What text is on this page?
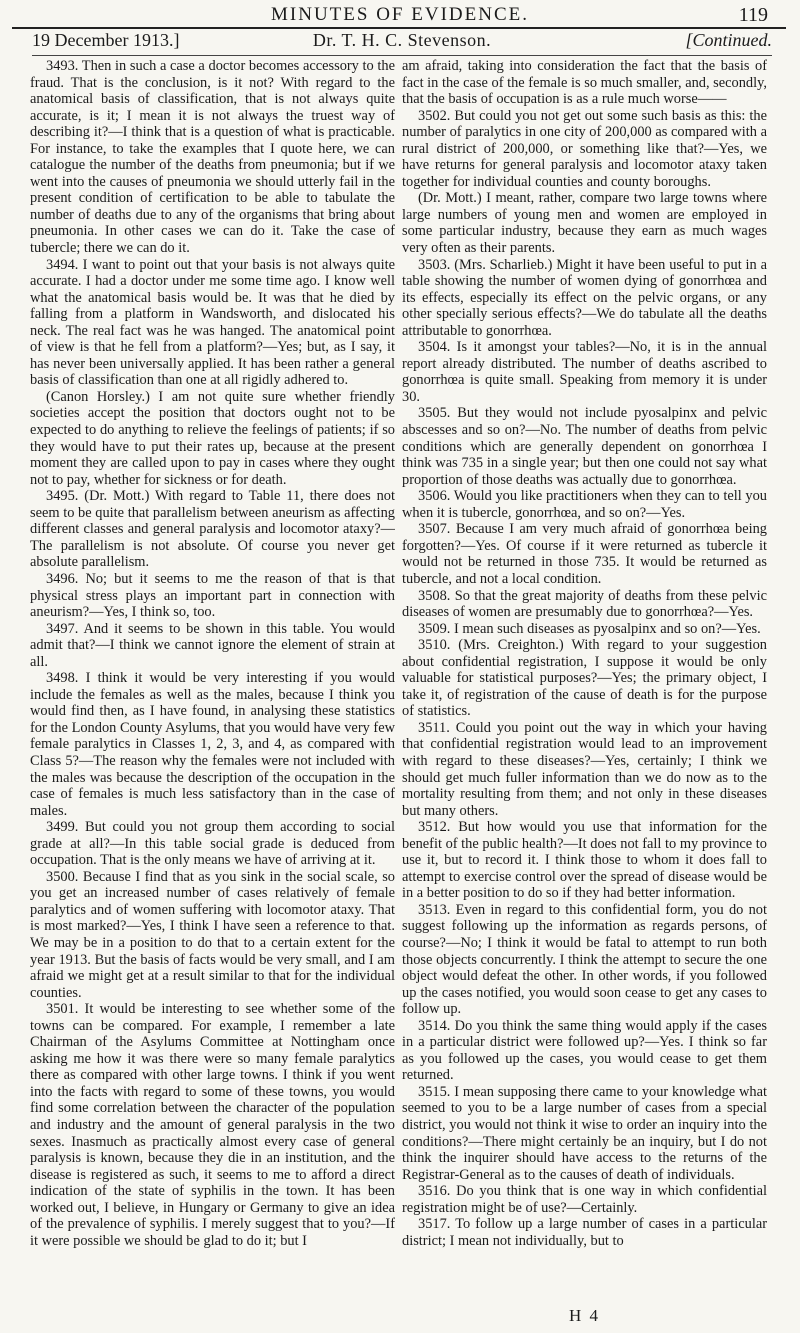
MINUTES OF EVIDENCE.	119
19 December 1913.]	Dr. T. H. C. Stevenson.	[Continued.

3493. Then in such a case a doctor becomes accessory to the fraud. That is the conclusion, is it not? With regard to the anatomical basis of classification, that is not always quite accurate, is it; I mean it is not always the truest way of describing it?—I think that is a question of what is practicable. For instance, to take the examples that I quote here, we can catalogue the number of the deaths from pneumonia; but if we went into the causes of pneumonia we should utterly fail in the present condition of certification to be able to tabulate the number of deaths due to any of the organisms that bring about pneumonia. In other cases we can do it. Take the case of tubercle; there we can do it.

3494. I want to point out that your basis is not always quite accurate. I had a doctor under me some time ago. I know well what the anatomical basis would be. It was that he died by falling from a platform in Wandsworth, and dislocated his neck. The real fact was he was hanged. The anatomical point of view is that he fell from a platform?—Yes; but, as I say, it has never been universally applied. It has been rather a general basis of classification than one at all rigidly adhered to.

(Canon Horsley.) I am not quite sure whether friendly societies accept the position that doctors ought not to be expected to do anything to relieve the feelings of patients; if so they would have to put their rates up, because at the present moment they are called upon to pay in cases where they ought not to pay, whether for sickness or for death.

3495. (Dr. Mott.) With regard to Table 11, there does not seem to be quite that parallelism between aneurism as affecting different classes and general paralysis and locomotor ataxy?—The parallelism is not absolute. Of course you never get absolute parallelism.

3496. No; but it seems to me the reason of that is that physical stress plays an important part in connection with aneurism?—Yes, I think so, too.

3497. And it seems to be shown in this table. You would admit that?—I think we cannot ignore the element of strain at all.

3498. I think it would be very interesting if you would include the females as well as the males, because I think you would find then, as I have found, in analysing these statistics for the London County Asylums, that you would have very few female paralytics in Classes 1, 2, 3, and 4, as compared with Class 5?—The reason why the females were not included with the males was because the description of the occupation in the case of females is much less satisfactory than in the case of males.

3499. But could you not group them according to social grade at all?—In this table social grade is deduced from occupation. That is the only means we have of arriving at it.

3500. Because I find that as you sink in the social scale, so you get an increased number of cases relatively of female paralytics and of women suffering with locomotor ataxy. That is most marked?—Yes, I think I have seen a reference to that. We may be in a position to do that to a certain extent for the year 1913. But the basis of facts would be very small, and I am afraid we might get at a result similar to that for the individual counties.

3501. It would be interesting to see whether some of the towns can be compared. For example, I remember a late Chairman of the Asylums Committee at Nottingham once asking me how it was there were so many female paralytics there as compared with other large towns. I think if you went into the facts with regard to some of these towns, you would find some correlation between the character of the population and industry and the amount of general paralysis in the two sexes. Inasmuch as practically almost every case of general paralysis is known, because they die in an institution, and the disease is registered as such, it seems to me to afford a direct indication of the state of syphilis in the town. It has been worked out, I believe, in Hungary or Germany to give an idea of the prevalence of syphilis. I merely suggest that to you?—If it were possible we should be glad to do it; but I

am afraid, taking into consideration the fact that the basis of fact in the case of the female is so much smaller, and, secondly, that the basis of occupation is as a rule much worse——

3502. But could you not get out some such basis as this: the number of paralytics in one city of 200,000 as compared with a rural district of 200,000, or something like that?—Yes, we have returns for general paralysis and locomotor ataxy taken together for individual counties and county boroughs.

(Dr. Mott.) I meant, rather, compare two large towns where large numbers of young men and women are employed in some particular industry, because they earn as much wages very often as their parents.

3503. (Mrs. Scharlieb.) Might it have been useful to put in a table showing the number of women dying of gonorrhœa and its effects, especially its effect on the pelvic organs, or any other specially serious effects?—We do tabulate all the deaths attributable to gonorrhœa.

3504. Is it amongst your tables?—No, it is in the annual report already distributed. The number of deaths ascribed to gonorrhœa is quite small. Speaking from memory it is under 30.

3505. But they would not include pyosalpinx and pelvic abscesses and so on?—No. The number of deaths from pelvic conditions which are generally dependent on gonorrhœa I think was 735 in a single year; but then one could not say what proportion of those deaths was actually due to gonorrhœa.

3506. Would you like practitioners when they can to tell you when it is tubercle, gonorrhœa, and so on?—Yes.

3507. Because I am very much afraid of gonorrhœa being forgotten?—Yes. Of course if it were returned as tubercle it would not be returned in those 735. It would be returned as tubercle, and not a local condition.

3508. So that the great majority of deaths from these pelvic diseases of women are presumably due to gonorrhœa?—Yes.

3509. I mean such diseases as pyosalpinx and so on?—Yes.

3510. (Mrs. Creighton.) With regard to your suggestion about confidential registration, I suppose it would be only valuable for statistical purposes?—Yes; the primary object, I take it, of registration of the cause of death is for the purpose of statistics.

3511. Could you point out the way in which your having that confidential registration would lead to an improvement with regard to these diseases?—Yes, certainly; I think we should get much fuller information than we do now as to the mortality resulting from them; and not only in these diseases but many others.

3512. But how would you use that information for the benefit of the public health?—It does not fall to my province to use it, but to record it. I think those to whom it does fall to attempt to exercise control over the spread of disease would be in a better position to do so if they had better information.

3513. Even in regard to this confidential form, you do not suggest following up the information as regards persons, of course?—No; I think it would be fatal to attempt to run both those objects concurrently. I think the attempt to secure the one object would defeat the other. In other words, if you followed up the cases notified, you would soon cease to get any cases to follow up.

3514. Do you think the same thing would apply if the cases in a particular district were followed up?—Yes. I think so far as you followed up the cases, you would cease to get them returned.

3515. I mean supposing there came to your knowledge what seemed to you to be a large number of cases from a special district, you would not think it wise to order an inquiry into the conditions?—There might certainly be an inquiry, but I do not think the inquirer should have access to the returns of the Registrar-General as to the causes of death of individuals.

3516. Do you think that is one way in which confidential registration might be of use?—Certainly.

3517. To follow up a large number of cases in a particular district; I mean not individually, but to

H 4
